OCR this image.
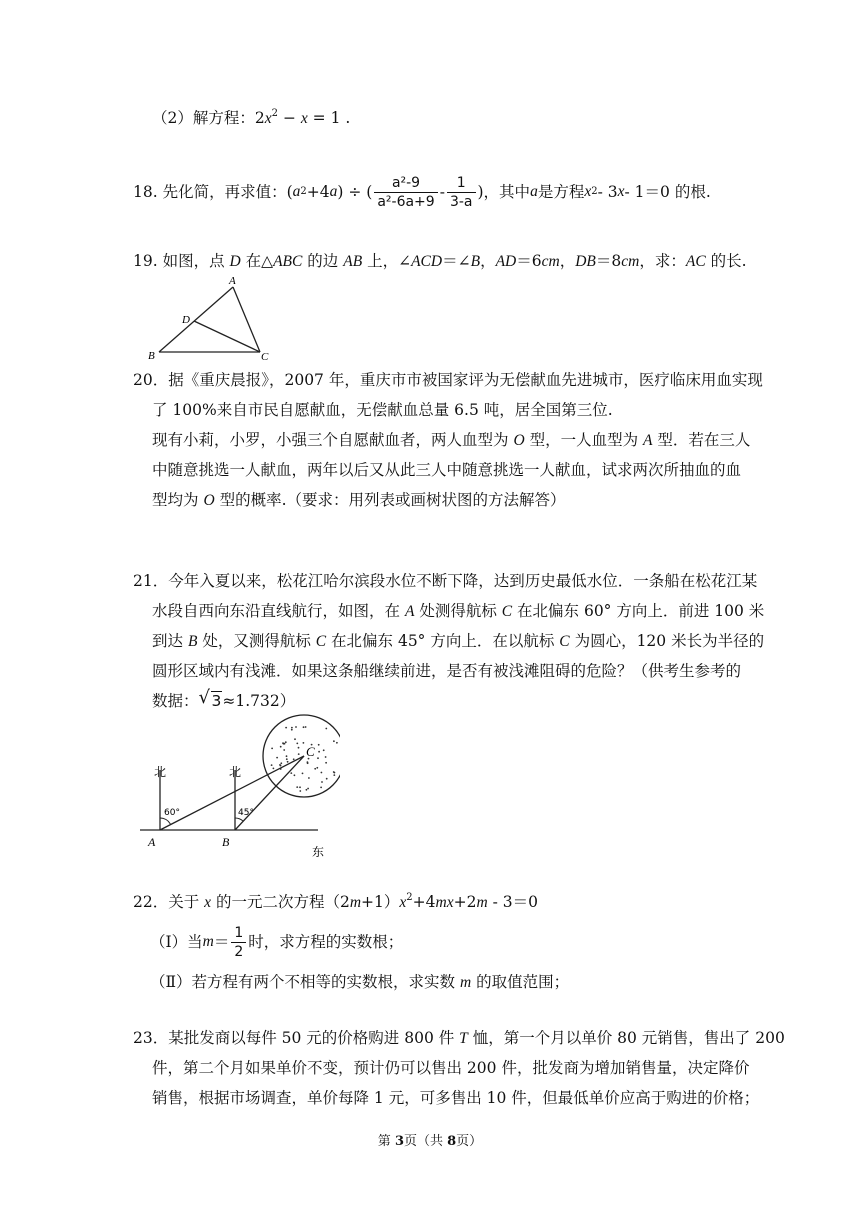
（2）解方程：$2x^2 - x = 1$ .
18.
先化简，再求值：( a 2 +4 a ) ÷ ( $\frac{\text{a²-9}}{\text{a²-6a+9}} - \frac{1}{3-a}$ )，其中 a 是方程 x 2 - 3 x - 1＝0 的根.
19. 如图，点 D 在△ABC 的边 AB 上，∠ACD＝∠B，AD＝6cm，DB＝8cm，求：AC 的长.
A
D
B	C
20．据《重庆晨报》，2007 年，重庆市市被国家评为无偿献血先进城市，医疗临床用血实现
了 100%来自市民自愿献血，无偿献血总量 6.5 吨，居全国第三位.
现有小莉，小罗，小强三个自愿献血者，两人血型为 O 型，一人血型为 A 型．若在三人
中随意挑选一人献血，两年以后又从此三人中随意挑选一人献血，试求两次所抽血的血
型均为 O 型的概率.（要求：用列表或画树状图的方法解答）
21．今年入夏以来，松花江哈尔滨段水位不断下降，达到历史最低水位．一条船在松花江某
水段自西向东沿直线航行，如图，在 A 处测得航标 C 在北偏东 60° 方向上．前进 100 米
到达 B 处，又测得航标 C 在北偏东 45° 方向上．在以航标 C 为圆心，120 米长为半径的
圆形区域内有浅滩．如果这条船继续前进，是否有被浅滩阻碍的危险？（供考生参考的
数据： √ 3≈1.732）
北	北
60°	45°
A	B
C
东
22．关于 x 的一元二次方程$(2m+1)x^2+4mx+2m - 3=0$
（Ⅰ）当 $m = \frac{1}{2}$ 时，求方程的实数根；
（Ⅱ）若方程有两个不相等的实数根，求实数 m 的取值范围；
23．某批发商以每件 50 元的价格购进 800 件 T 恤，第一个月以单价 80 元销售，售出了 200
件，第二个月如果单价不变，预计仍可以售出 200 件，批发商为增加销售量，决定降价
销售，根据市场调查，单价每降 1 元，可多售出 10 件，但最低单价应高于购进的价格；
第 3页（共 8页）
